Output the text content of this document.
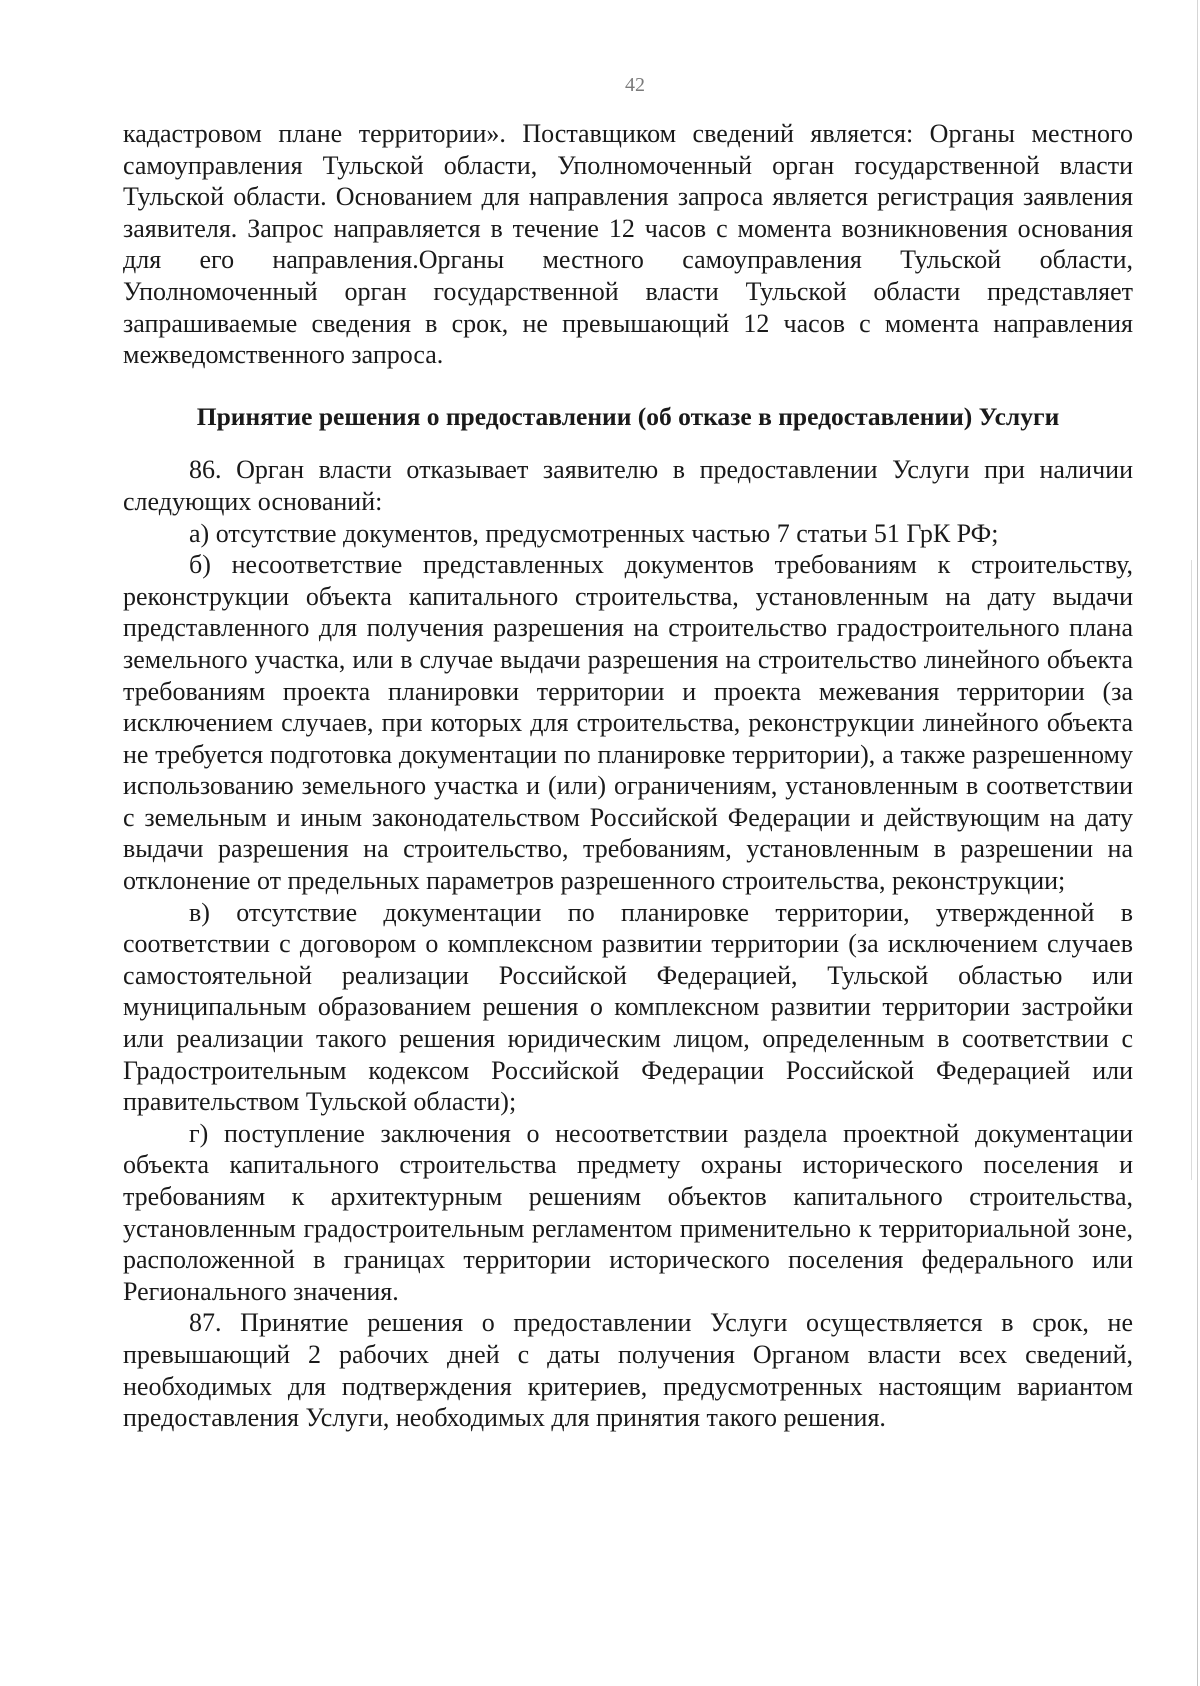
42

кадастровом плане территории». Поставщиком сведений является: Органы местного самоуправления Тульской области, Уполномоченный орган государственной власти Тульской области. Основанием для направления запроса является регистрация заявления заявителя. Запрос направляется в течение 12 часов с момента возникновения основания для его направления.Органы местного самоуправления Тульской области, Уполномоченный орган государственной власти Тульской области представляет запрашиваемые сведения в срок, не превышающий 12 часов с момента направления межведомственного запроса.

Принятие решения о предоставлении (об отказе в предоставлении) Услуги

86. Орган власти отказывает заявителю в предоставлении Услуги при наличии следующих оснований:

а) отсутствие документов, предусмотренных частью 7 статьи 51 ГрК РФ;

б) несоответствие представленных документов требованиям к строительству, реконструкции объекта капитального строительства, установленным на дату выдачи представленного для получения разрешения на строительство градостроительного плана земельного участка, или в случае выдачи разрешения на строительство линейного объекта требованиям проекта планировки территории и проекта межевания территории (за исключением случаев, при которых для строительства, реконструкции линейного объекта не требуется подготовка документации по планировке территории), а также разрешенному использованию земельного участка и (или) ограничениям, установленным в соответствии с земельным и иным законодательством Российской Федерации и действующим на дату выдачи разрешения на строительство, требованиям, установленным в разрешении на отклонение от предельных параметров разрешенного строительства, реконструкции;

в) отсутствие документации по планировке территории, утвержденной в соответствии с договором о комплексном развитии территории (за исключением случаев самостоятельной реализации Российской Федерацией, Тульской областью или муниципальным образованием решения о комплексном развитии территории застройки или реализации такого решения юридическим лицом, определенным в соответствии с Градостроительным кодексом Российской Федерации Российской Федерацией или правительством Тульской области);

г) поступление заключения о несоответствии раздела проектной документации объекта капитального строительства предмету охраны исторического поселения и требованиям к архитектурным решениям объектов капитального строительства, установленным градостроительным регламентом применительно к территориальной зоне, расположенной в границах территории исторического поселения федерального или Регионального значения.

87. Принятие решения о предоставлении Услуги осуществляется в срок, не превышающий 2 рабочих дней с даты получения Органом власти всех сведений, необходимых для подтверждения критериев, предусмотренных настоящим вариантом предоставления Услуги, необходимых для принятия такого решения.
